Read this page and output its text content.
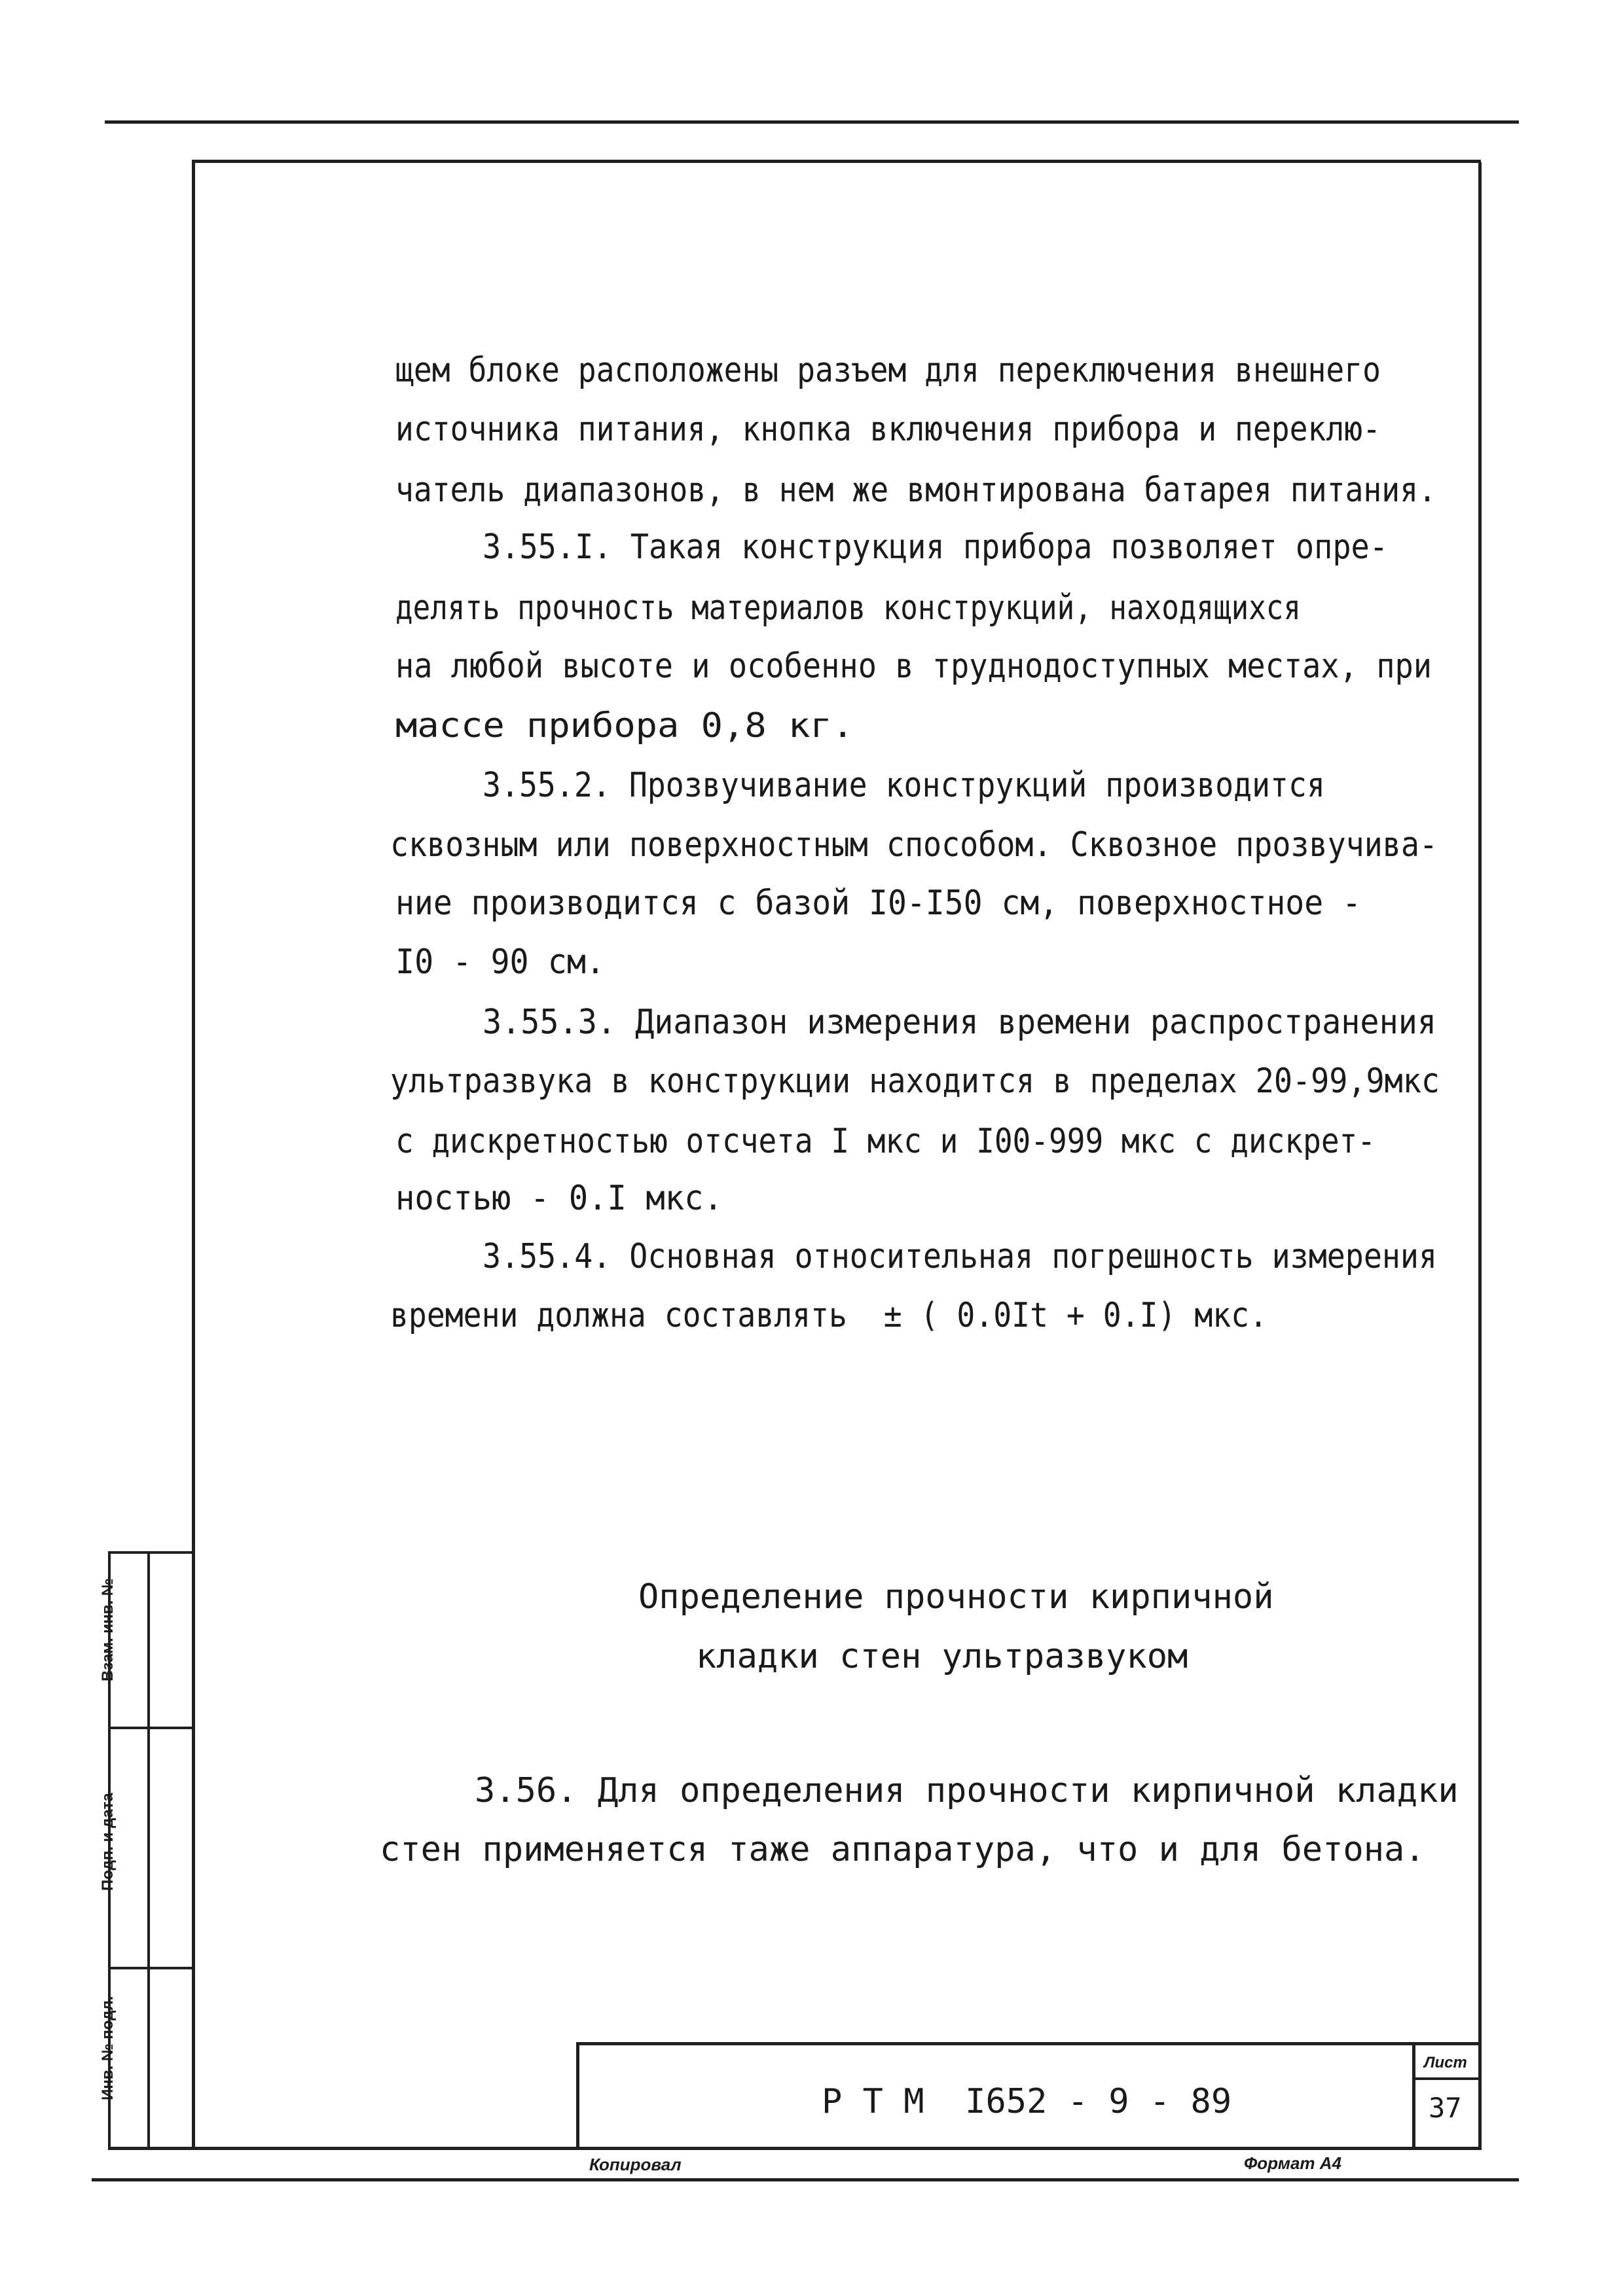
Взам. инв. №
Подп. и дата
Инв. № подл.
Р Т М  I652 - 9 - 89
Лист
37
Копировал	Формат А4
щем блоке расположены разъем для переключения внешнего
источника питания, кнопка включения прибора и переклю-
чатель диапазонов, в нем же вмонтирована батарея питания.
3.55.I. Такая конструкция прибора позволяет опре-
делять прочность материалов конструкций, находящихся
на любой высоте и особенно в труднодоступных местах, при
массе прибора 0,8 кг.
3.55.2. Прозвучивание конструкций производится
сквозным или поверхностным способом. Сквозное прозвучива-
ние производится с базой I0-I50 см, поверхностное -
I0 - 90 см.
3.55.3. Диапазон измерения времени распространения
ультразвука в конструкции находится в пределах 20-99,9мкс
с дискретностью отсчета I мкс и I00-999 мкс с дискрет-
ностью - 0.I мкс.
3.55.4. Основная относительная погрешность измерения
времени должна составлять  ± ( 0.0It + 0.I) мкс.
Определение прочности кирпичной
кладки стен ультразвуком
3.56. Для определения прочности кирпичной кладки
стен применяется таже аппаратура, что и для бетона.
